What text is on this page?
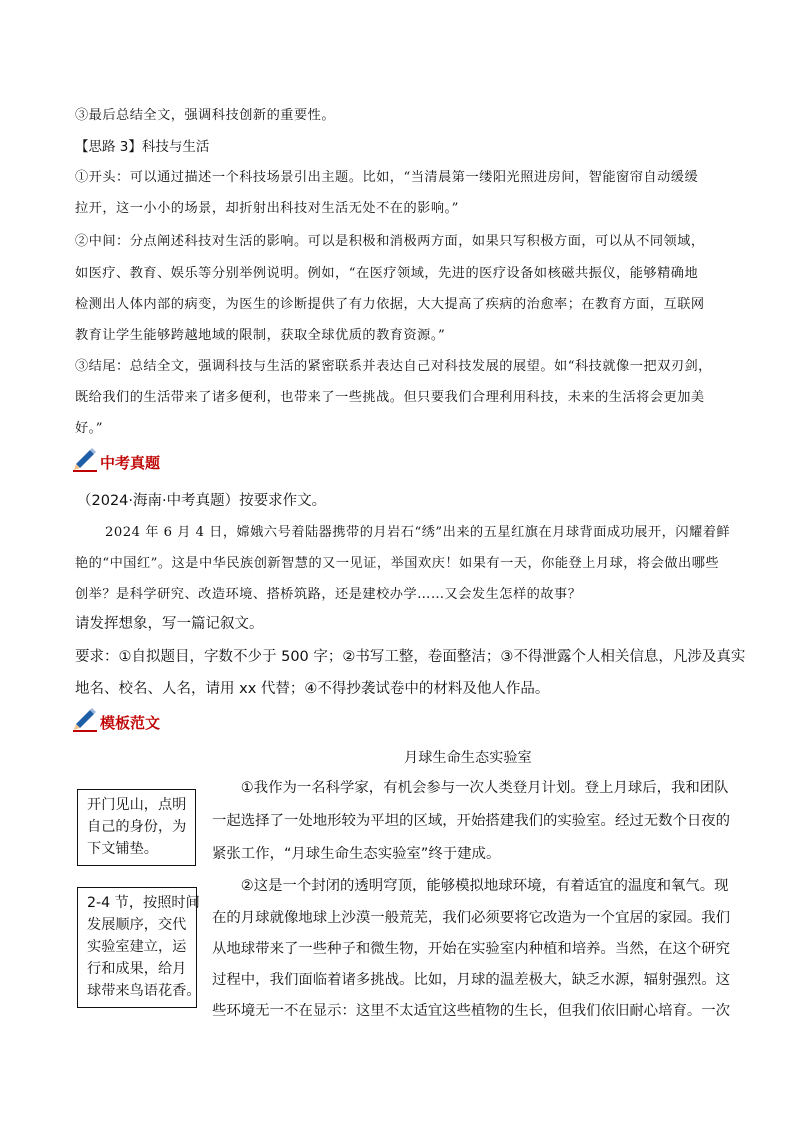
③最后总结全文，强调科技创新的重要性。
【思路 3】科技与生活
①开头：可以通过描述一个科技场景引出主题。比如，“当清晨第一缕阳光照进房间，智能窗帘自动缓缓
拉开，这一小小的场景，却折射出科技对生活无处不在的影响。”
②中间：分点阐述科技对生活的影响。可以是积极和消极两方面，如果只写积极方面，可以从不同领域，
如医疗、教育、娱乐等分别举例说明。例如，“在医疗领域，先进的医疗设备如核磁共振仪，能够精确地
检测出人体内部的病变，为医生的诊断提供了有力依据，大大提高了疾病的治愈率；在教育方面，互联网
教育让学生能够跨越地域的限制，获取全球优质的教育资源。”
③结尾：总结全文，强调科技与生活的紧密联系并表达自己对科技发展的展望。如“科技就像一把双刃剑，
既给我们的生活带来了诸多便利，也带来了一些挑战。但只要我们合理利用科技，未来的生活将会更加美
好。”
中考真题
（2024·海南·中考真题）按要求作文。
2024 年 6 月 4 日，嫦娥六号着陆器携带的月岩石“绣”出来的五星红旗在月球背面成功展开，闪耀着鲜
艳的“中国红”。这是中华民族创新智慧的又一见证，举国欢庆！如果有一天，你能登上月球，将会做出哪些
创举？是科学研究、改造环境、搭桥筑路，还是建校办学……又会发生怎样的故事？
请发挥想象，写一篇记叙文。
要求：①自拟题目，字数不少于 500 字；②书写工整，卷面整洁；③不得泄露个人相关信息，凡涉及真实
地名、校名、人名，请用 xx 代替；④不得抄袭试卷中的材料及他人作品。
模板范文
月球生命生态实验室
开门见山，点明
自己的身份，为
下文铺垫。
2-4 节，按照时间
发展顺序，交代
实验室建立，运
行和成果，给月
球带来鸟语花香。
　　①我作为一名科学家，有机会参与一次人类登月计划。登上月球后，我和团队
一起选择了一处地形较为平坦的区域，开始搭建我们的实验室。经过无数个日夜的
紧张工作，“月球生命生态实验室”终于建成。
　　②这是一个封闭的透明穹顶，能够模拟地球环境，有着适宜的温度和氧气。现
在的月球就像地球上沙漠一般荒芜，我们必须要将它改造为一个宜居的家园。我们
从地球带来了一些种子和微生物，开始在实验室内种植和培养。当然，在这个研究
过程中，我们面临着诸多挑战。比如，月球的温差极大，缺乏水源，辐射强烈。这
些环境无一不在显示：这里不太适宜这些植物的生长，但我们依旧耐心培育。一次
